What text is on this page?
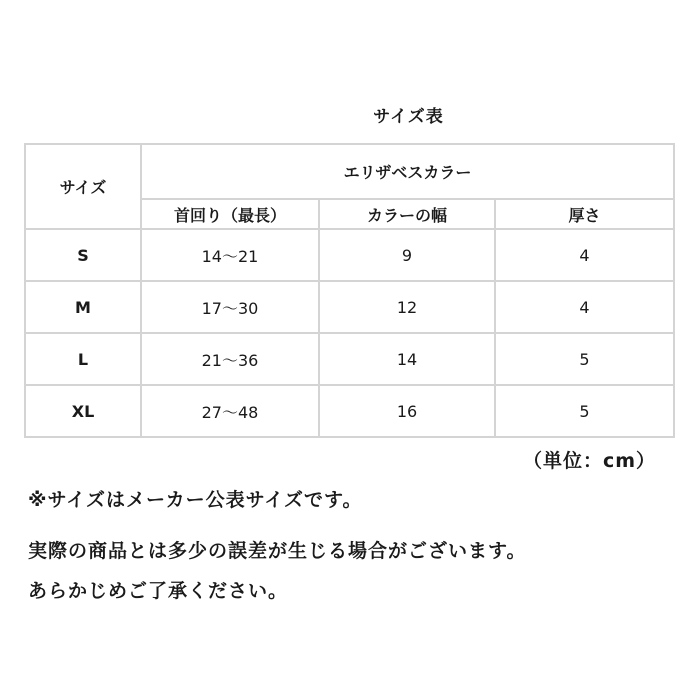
サイズ表
サイズ	エリザベスカラー		
	首回り（最長）	カラーの幅	厚さ
S	14～21	9	4
M	17～30	12	4
L	21～36	14	5
XL	27～48	16	5
（単位：cm）
※サイズはメーカー公表サイズです。
実際の商品とは多少の誤差が生じる場合がございます。
あらかじめご了承ください。
